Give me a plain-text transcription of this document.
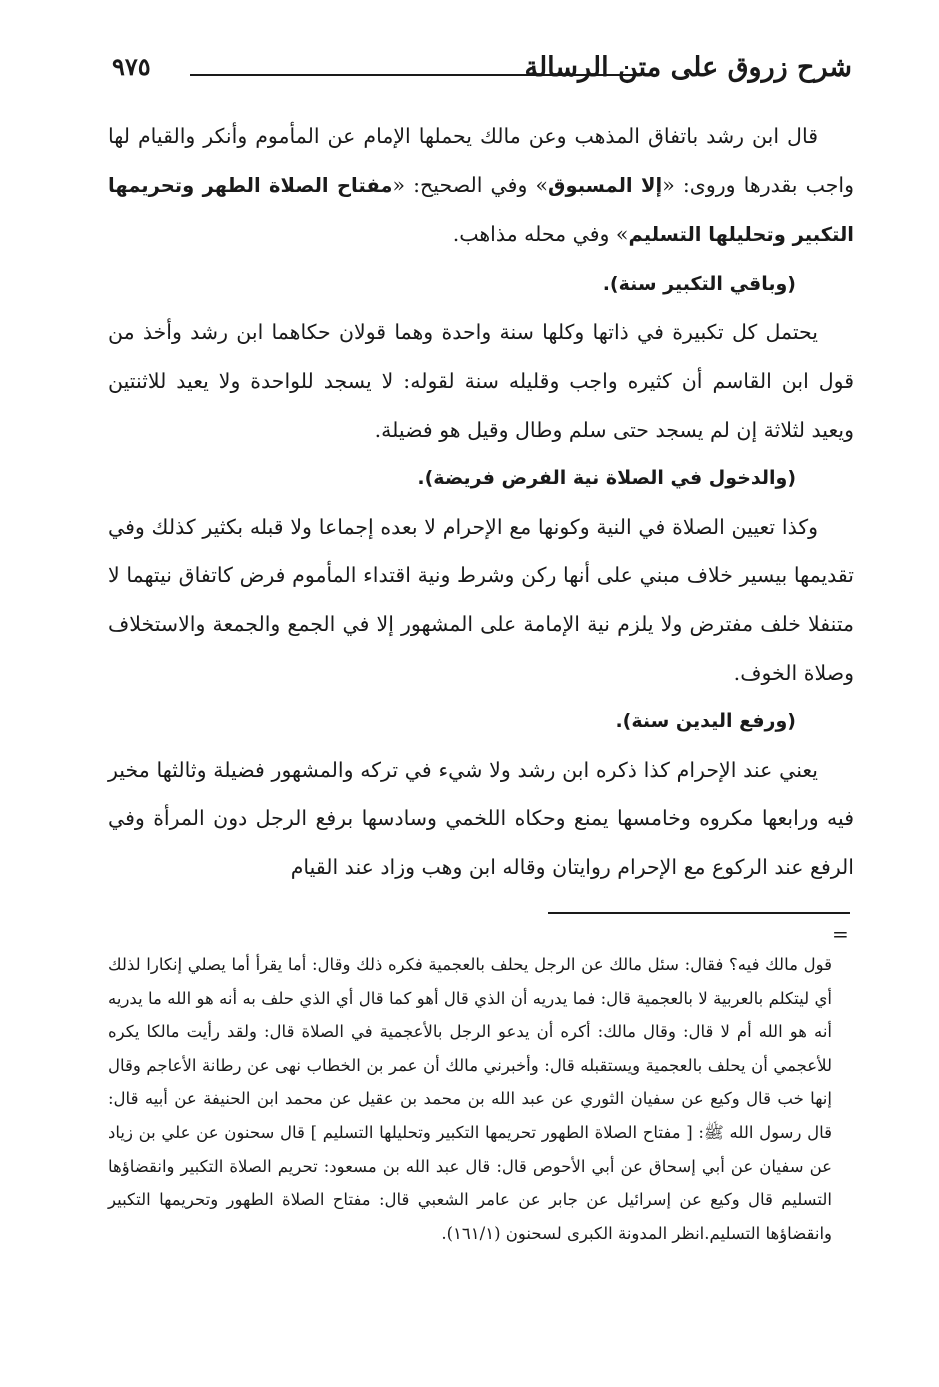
٩٧٥	شرح زروق على متن الرسالة

قال ابن رشد باتفاق المذهب وعن مالك يحملها الإمام عن المأموم وأنكر والقيام لها واجب بقدرها وروى: «إلا المسبوق» وفي الصحيح: «مفتاح الصلاة الطهر وتحريمها التكبير وتحليلها التسليم» وفي محله مذاهب.

(وباقي التكبير سنة).

يحتمل كل تكبيرة في ذاتها وكلها سنة واحدة وهما قولان حكاهما ابن رشد وأخذ من قول ابن القاسم أن كثيره واجب وقليله سنة لقوله: لا يسجد للواحدة ولا يعيد للاثنتين ويعيد لثلاثة إن لم يسجد حتى سلم وطال وقيل هو فضيلة.

(والدخول في الصلاة نية الفرض فريضة).

وكذا تعيين الصلاة في النية وكونها مع الإحرام لا بعده إجماعا ولا قبله بكثير كذلك وفي تقديمها بيسير خلاف مبني على أنها ركن وشرط ونية اقتداء المأموم فرض كاتفاق نيتهما لا متنفلا خلف مفترض ولا يلزم نية الإمامة على المشهور إلا في الجمع والجمعة والاستخلاف وصلاة الخوف.

(ورفع اليدين سنة).

يعني عند الإحرام كذا ذكره ابن رشد ولا شيء في تركه والمشهور فضيلة وثالثها مخير فيه ورابعها مكروه وخامسها يمنع وحكاه اللخمي وسادسها برفع الرجل دون المرأة وفي الرفع عند الركوع مع الإحرام روايتان وقاله ابن وهب وزاد عند القيام

=

قول مالك فيه؟ فقال: سئل مالك عن الرجل يحلف بالعجمية فكره ذلك وقال: أما يقرأ أما يصلي إنكارا لذلك أي ليتكلم بالعربية لا بالعجمية قال: فما يدريه أن الذي قال أهو كما قال أي الذي حلف به أنه هو الله ما يدريه أنه هو الله أم لا قال: وقال مالك: أكره أن يدعو الرجل بالأعجمية في الصلاة قال: ولقد رأيت مالكا يكره للأعجمي أن يحلف بالعجمية ويستقبله قال: وأخبرني مالك أن عمر بن الخطاب نهى عن رطانة الأعاجم وقال إنها خب قال وكيع عن سفيان الثوري عن عبد الله بن محمد بن عقيل عن محمد ابن الحنيفة عن أبيه قال: قال رسول الله ﷺ: [ مفتاح الصلاة الطهور تحريمها التكبير وتحليلها التسليم ] قال سحنون عن علي بن زياد عن سفيان عن أبي إسحاق عن أبي الأحوص قال: قال عبد الله بن مسعود: تحريم الصلاة التكبير وانقضاؤها التسليم قال وكيع عن إسرائيل عن جابر عن عامر الشعبي قال: مفتاح الصلاة الطهور وتحريمها التكبير وانقضاؤها التسليم.انظر المدونة الكبرى لسحنون (١٦١/١).
